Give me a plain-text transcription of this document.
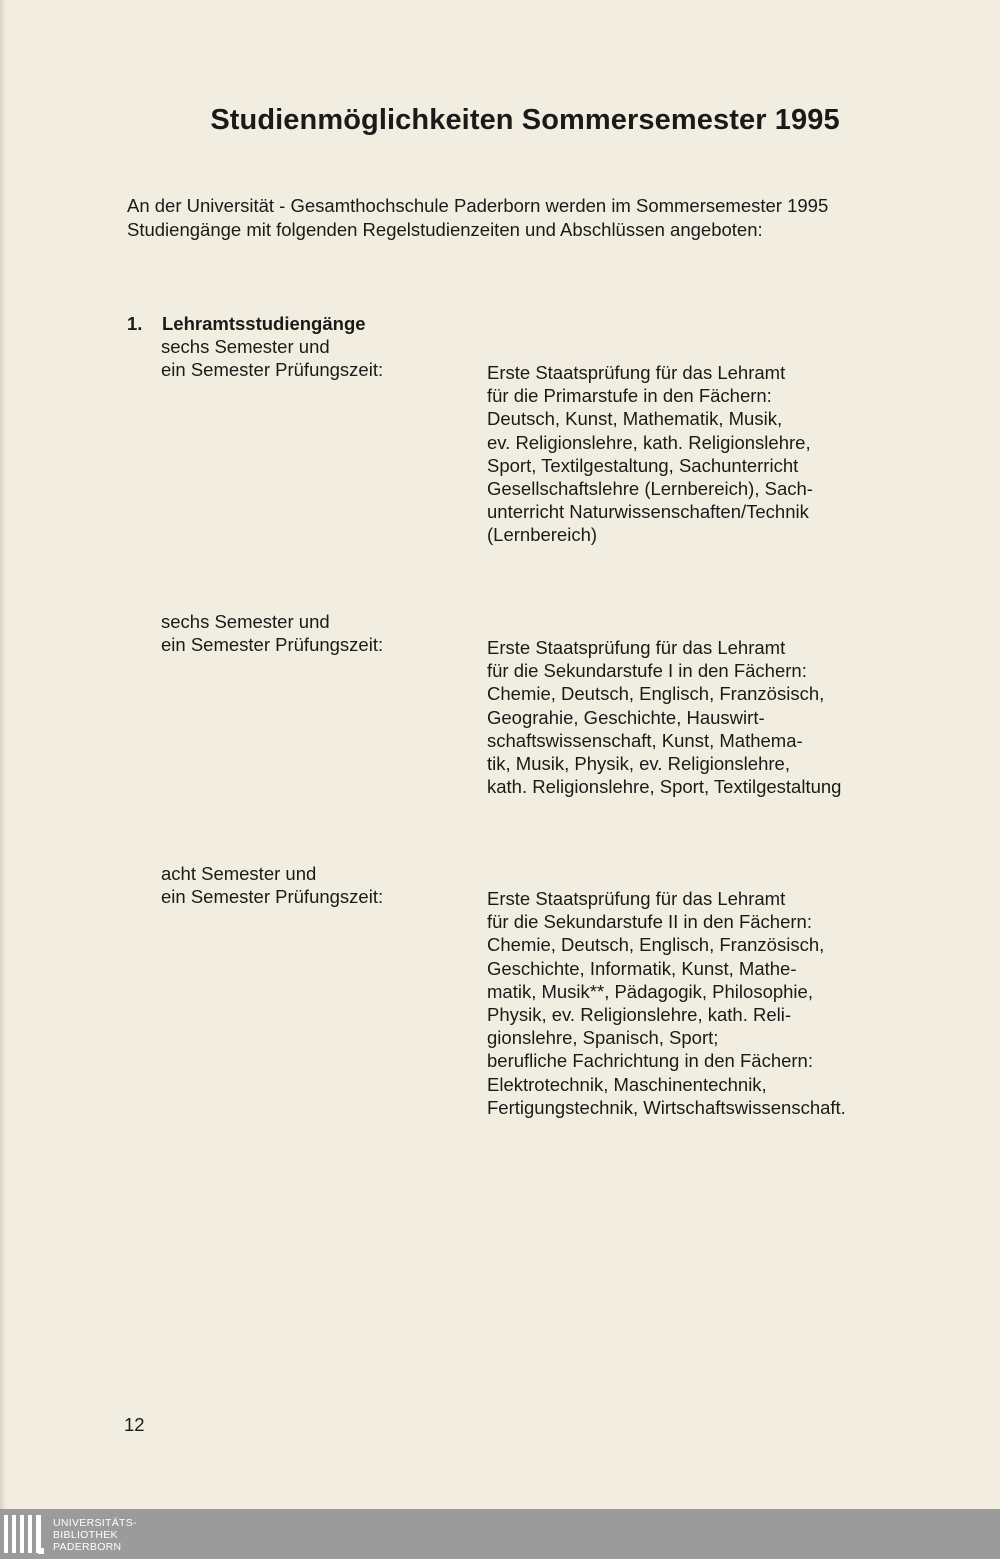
Studienmöglichkeiten Sommersemester 1995

An der Universität - Gesamthochschule Paderborn werden im Sommersemester 1995
Studiengänge mit folgenden Regelstudienzeiten und Abschlüssen angeboten:

1. Lehramtsstudiengänge
sechs Semester und
ein Semester Prüfungszeit:	Erste Staatsprüfung für das Lehramt
für die Primarstufe in den Fächern:
Deutsch, Kunst, Mathematik, Musik,
ev. Religionslehre, kath. Religionslehre,
Sport, Textilgestaltung, Sachunterricht
Gesellschaftslehre (Lernbereich), Sach-
unterricht Naturwissenschaften/Technik
(Lernbereich)
sechs Semester und
ein Semester Prüfungszeit:	Erste Staatsprüfung für das Lehramt
für die Sekundarstufe I in den Fächern:
Chemie, Deutsch, Englisch, Französisch,
Geograhie, Geschichte, Hauswirt-
schaftswissenschaft, Kunst, Mathema-
tik, Musik, Physik, ev. Religionslehre,
kath. Religionslehre, Sport, Textilgestaltung
acht Semester und
ein Semester Prüfungszeit:	Erste Staatsprüfung für das Lehramt
für die Sekundarstufe II in den Fächern:
Chemie, Deutsch, Englisch, Französisch,
Geschichte, Informatik, Kunst, Mathe-
matik, Musik**, Pädagogik, Philosophie,
Physik, ev. Religionslehre, kath. Reli-
gionslehre, Spanisch, Sport;
berufliche Fachrichtung in den Fächern:
Elektrotechnik, Maschinentechnik,
Fertigungstechnik, Wirtschaftswissenschaft.
12
UNIVERSITÄTS-
BIBLIOTHEK
PADERBORN
